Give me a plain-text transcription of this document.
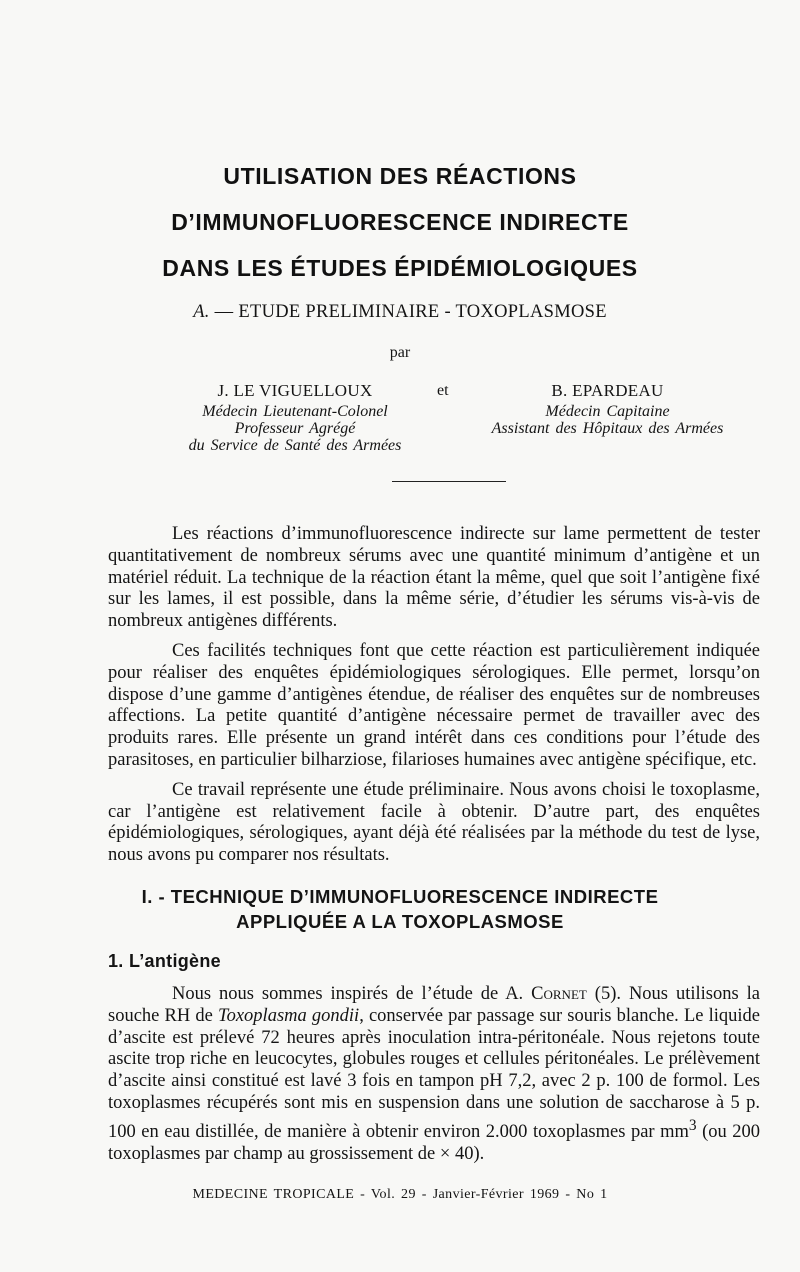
UTILISATION DES RÉACTIONS
D’IMMUNOFLUORESCENCE INDIRECTE
DANS LES ÉTUDES ÉPIDÉMIOLOGIQUES
A. — ETUDE PRELIMINAIRE - TOXOPLASMOSE
par
J. LE VIGUELLOUX
Médecin Lieutenant-Colonel
Professeur Agrégé
du Service de Santé des Armées
et	B. EPARDEAU
Médecin Capitaine
Assistant des Hôpitaux des Armées

Les réactions d’immunofluorescence indirecte sur lame permettent de tester quantitativement de nombreux sérums avec une quantité minimum d’antigène et un matériel réduit. La technique de la réaction étant la même, quel que soit l’antigène fixé sur les lames, il est possible, dans la même série, d’étudier les sérums vis-à-vis de nombreux antigènes différents.

Ces facilités techniques font que cette réaction est particulièrement indiquée pour réaliser des enquêtes épidémiologiques sérologiques. Elle permet, lorsqu’on dispose d’une gamme d’antigènes étendue, de réaliser des enquêtes sur de nombreuses affections. La petite quantité d’antigène nécessaire permet de travailler avec des produits rares. Elle présente un grand intérêt dans ces conditions pour l’étude des parasitoses, en particulier bilharziose, filarioses humaines avec antigène spécifique, etc.

Ce travail représente une étude préliminaire. Nous avons choisi le toxoplasme, car l’antigène est relativement facile à obtenir. D’autre part, des enquêtes épidémiologiques, sérologiques, ayant déjà été réalisées par la méthode du test de lyse, nous avons pu comparer nos résultats.

I. - TECHNIQUE D’IMMUNOFLUORESCENCE INDIRECTE
APPLIQUÉE A LA TOXOPLASMOSE
1. L’antigène

Nous nous sommes inspirés de l’étude de A. Cornet (5). Nous utilisons la souche RH de Toxoplasma gondii, conservée par passage sur souris blanche. Le liquide d’ascite est prélevé 72 heures après inoculation intra-péritonéale. Nous rejetons toute ascite trop riche en leucocytes, globules rouges et cellules péritonéales. Le prélèvement d’ascite ainsi constitué est lavé 3 fois en tampon pH 7,2, avec 2 p. 100 de formol. Les toxoplasmes récupérés sont mis en suspension dans une solution de saccharose à 5 p. 100 en eau distillée, de manière à obtenir environ 2.000 toxoplasmes par $mm^3$ (ou 200 toxoplasmes par champ au grossissement de × 40).

MEDECINE TROPICALE - Vol. 29 - Janvier-Février 1969 - No 1
